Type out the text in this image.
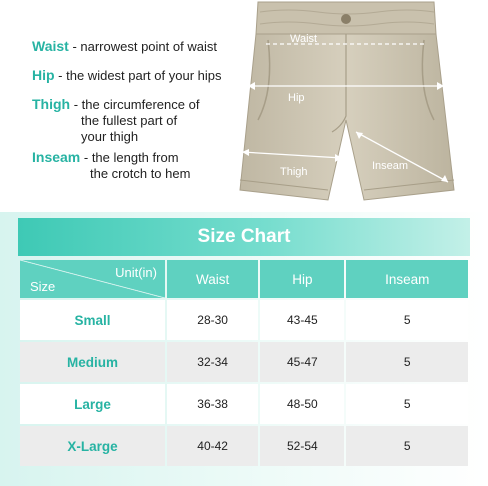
Waist - narrowest point of waist
Hip - the widest part of your hips
Thigh - the circumference of
the fullest part of
your thigh
Inseam - the length from
the crotch to hem
Waist
Hip
Thigh	Inseam
Size Chart
Unit(in)
Size	Waist	Hip	Inseam
Small	28-30	43-45	5
Medium	32-34	45-47	5
Large	36-38	48-50	5
X-Large	40-42	52-54	5
